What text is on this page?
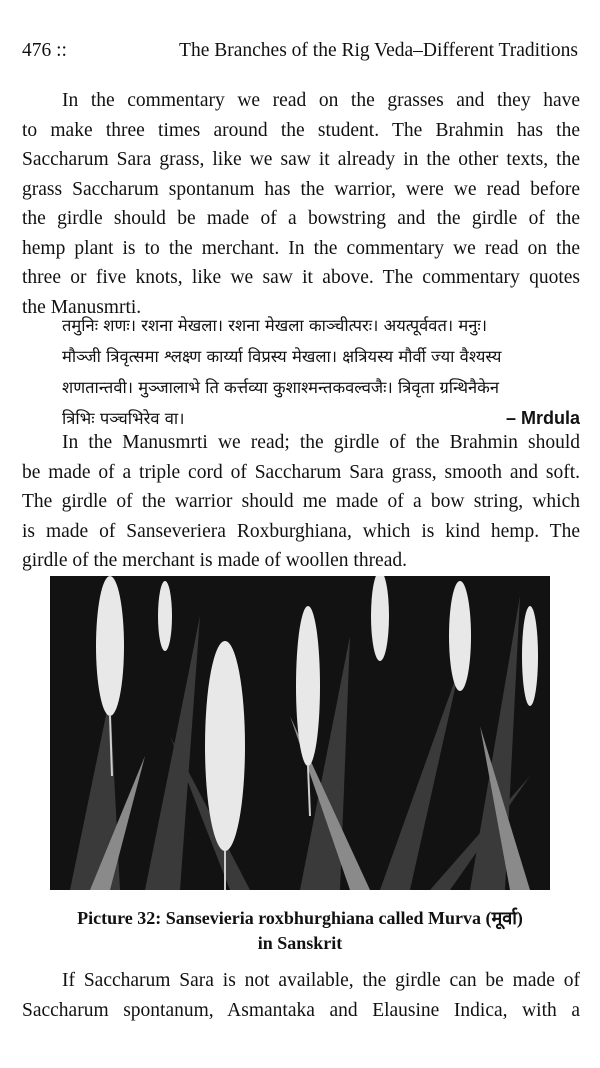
476 ::	The Branches of the Rig Veda–Different Traditions
In the commentary we read on the grasses and they have
to make three times around the student. The Brahmin has the
Saccharum Sara grass, like we saw it already in the other texts, the
grass Saccharum spontanum has the warrior, were we read before
the girdle should be made of a bowstring and the girdle of the
hemp plant is to the merchant. In the commentary we read on the
three or five knots, like we saw it above. The commentary quotes
the Manusmrti.
तमुनिः शणः। रशना मेखला। रशना मेखला काञ्चीत्परः। अयत्पूर्ववत। मनुः।
मौञ्जी त्रिवृत्समा श्लक्ष्ण कार्य्या विप्रस्य मेखला। क्षत्रियस्य मौर्वी ज्या वैश्यस्य
शणतान्तवी। मुञ्जालाभे ति कर्त्तव्या कुशाश्मन्तकवल्वजैः। त्रिवृता ग्रन्थिनैकेन
त्रिभिः पञ्चभिरेव वा।	– Mrdula
In the Manusmrti we read; the girdle of the Brahmin should
be made of a triple cord of Saccharum Sara grass, smooth and soft.
The girdle of the warrior should me made of a bow string, which
is made of Sanseveriera Roxburghiana, which is kind hemp. The
girdle of the merchant is made of woollen thread.
Picture 32: Sansevieria roxbhurghiana called Murva (मूर्वा)
in Sanskrit
If Saccharum Sara is not available, the girdle can be made of
Saccharum spontanum, Asmantaka and Elausine Indica, with a
